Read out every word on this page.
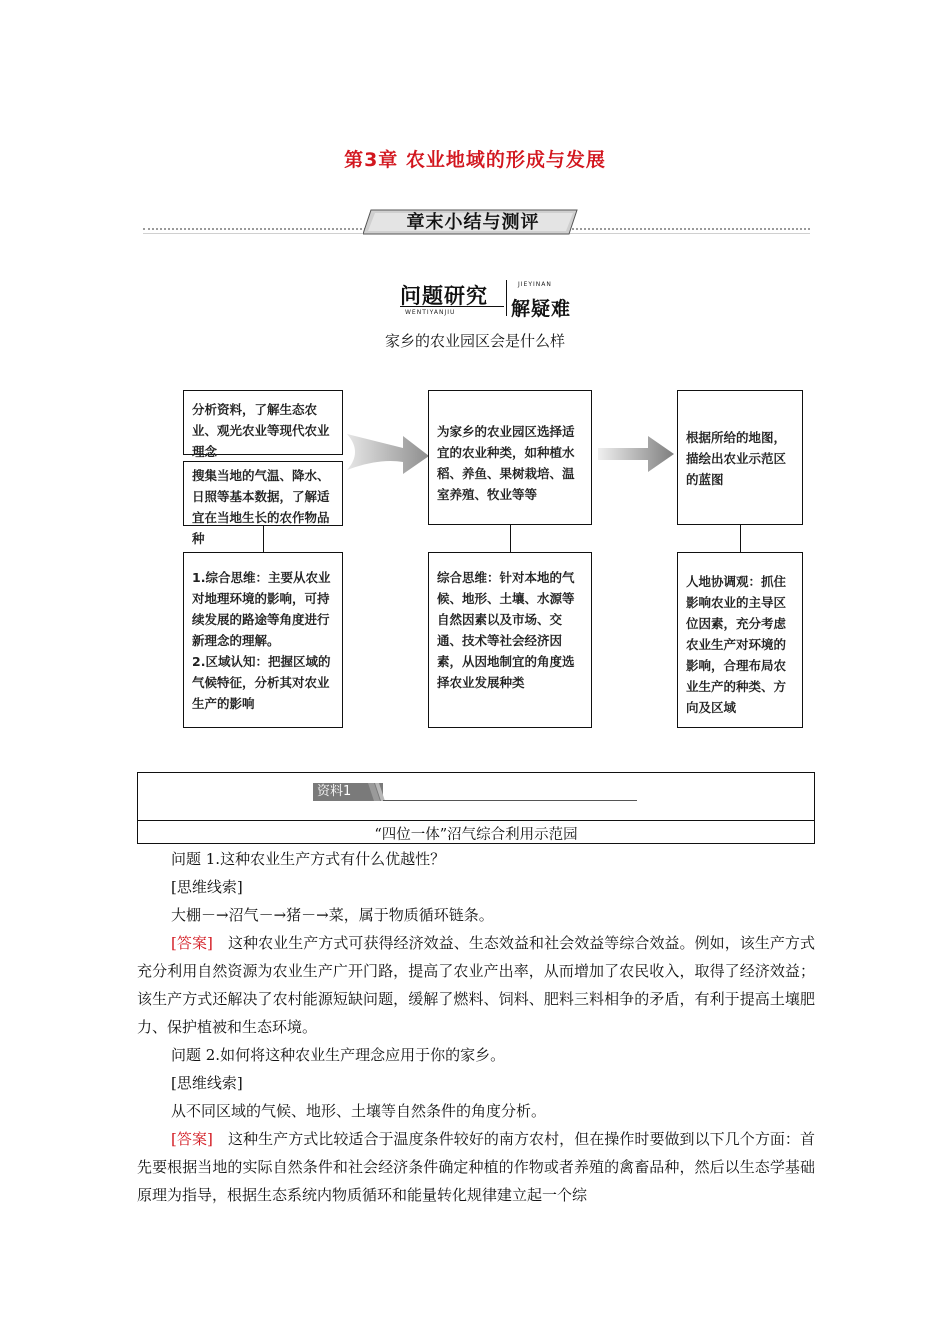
第3章 农业地域的形成与发展
章末小结与测评
问题研究
WENTIYANJIU
JIEYINAN
解疑难
家乡的农业园区会是什么样

分析资料，了解生态农业、观光农业等现代农业理念

搜集当地的气温、降水、日照等基本数据，了解适宜在当地生长的农作物品种

1.综合思维：主要从农业对地理环境的影响，可持续发展的路途等角度进行新理念的理解。

2.区域认知：把握区域的气候特征，分析其对农业生产的影响

为家乡的农业园区选择适宜的农业种类，如种植水稻、养鱼、果树栽培、温室养殖、牧业等等

综合思维：针对本地的气候、地形、土壤、水源等自然因素以及市场、交通、技术等社会经济因素，从因地制宜的角度选择农业发展种类

根据所给的地图，描绘出农业示范区的蓝图

人地协调观：抓住影响农业的主导区位因素，充分考虑农业生产对环境的影响，合理布局农业生产的种类、方向及区域

资料1
“四位一体”沼气综合利用示范园
问题 1.这种农业生产方式有什么优越性？
[思维线索]
大棚－→沼气－→猪－→菜，属于物质循环链条。
[答案]　 这种农业生产方式可获得经济效益、生态效益和社会效益等综合效益。例如，该生产方式充分利用自然资源为农业生产广开门路，提高了农业产出率，从而增加了农民收入，取得了经济效益；该生产方式还解决了农村能源短缺问题，缓解了燃料、饲料、肥料三料相争的矛盾，有利于提高土壤肥力、保护植被和生态环境。
问题 2.如何将这种农业生产理念应用于你的家乡。
[思维线索]
从不同区域的气候、地形、土壤等自然条件的角度分析。
[答案]　 这种生产方式比较适合于温度条件较好的南方农村，但在操作时要做到以下几个方面：首先要根据当地的实际自然条件和社会经济条件确定种植的作物或者养殖的禽畜品种，然后以生态学基础原理为指导，根据生态系统内物质循环和能量转化规律建立起一个综
